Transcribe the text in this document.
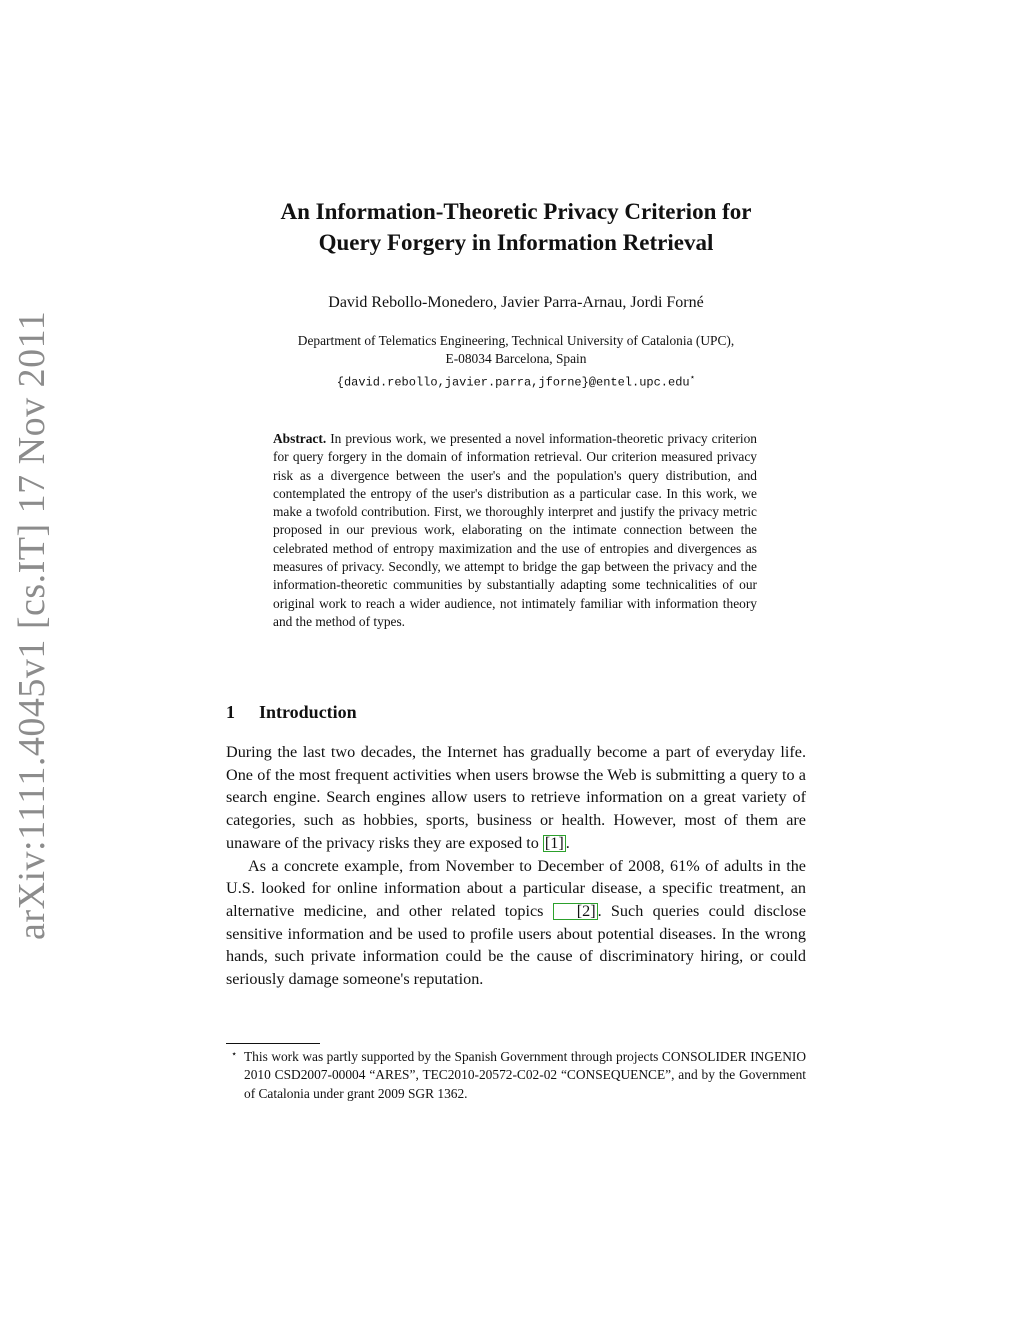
arXiv:1111.4045v1 [cs.IT] 17 Nov 2011
An Information-Theoretic Privacy Criterion for
Query Forgery in Information Retrieval
David Rebollo-Monedero, Javier Parra-Arnau, Jordi Forné
Department of Telematics Engineering, Technical University of Catalonia (UPC),
E-08034 Barcelona, Spain
{david.rebollo,javier.parra,jforne}@entel.upc.edu⋆
Abstract. In previous work, we presented a novel information-theoretic privacy criterion for query forgery in the domain of information retrieval. Our criterion measured privacy risk as a divergence between the user's and the population's query distribution, and contemplated the entropy of the user's distribution as a particular case. In this work, we make a twofold contribution. First, we thoroughly interpret and justify the privacy metric proposed in our previous work, elaborating on the intimate connection between the celebrated method of entropy maximization and the use of entropies and divergences as measures of privacy. Secondly, we attempt to bridge the gap between the privacy and the information-theoretic communities by substantially adapting some technicalities of our original work to reach a wider audience, not intimately familiar with information theory and the method of types.
1 Introduction

During the last two decades, the Internet has gradually become a part of everyday life. One of the most frequent activities when users browse the Web is submitting a query to a search engine. Search engines allow users to retrieve information on a great variety of categories, such as hobbies, sports, business or health. However, most of them are unaware of the privacy risks they are exposed to [1] .

As a concrete example, from November to December of 2008, 61% of adults in the U.S. looked for online information about a particular disease, a specific treatment, an alternative medicine, and other related topics [2] . Such queries could disclose sensitive information and be used to profile users about potential diseases. In the wrong hands, such private information could be the cause of discriminatory hiring, or could seriously damage someone's reputation.

⋆ This work was partly supported by the Spanish Government through projects CONSOLIDER INGENIO 2010 CSD2007-00004 “ARES”, TEC2010-20572-C02-02 “CONSEQUENCE”, and by the Government of Catalonia under grant 2009 SGR 1362.
